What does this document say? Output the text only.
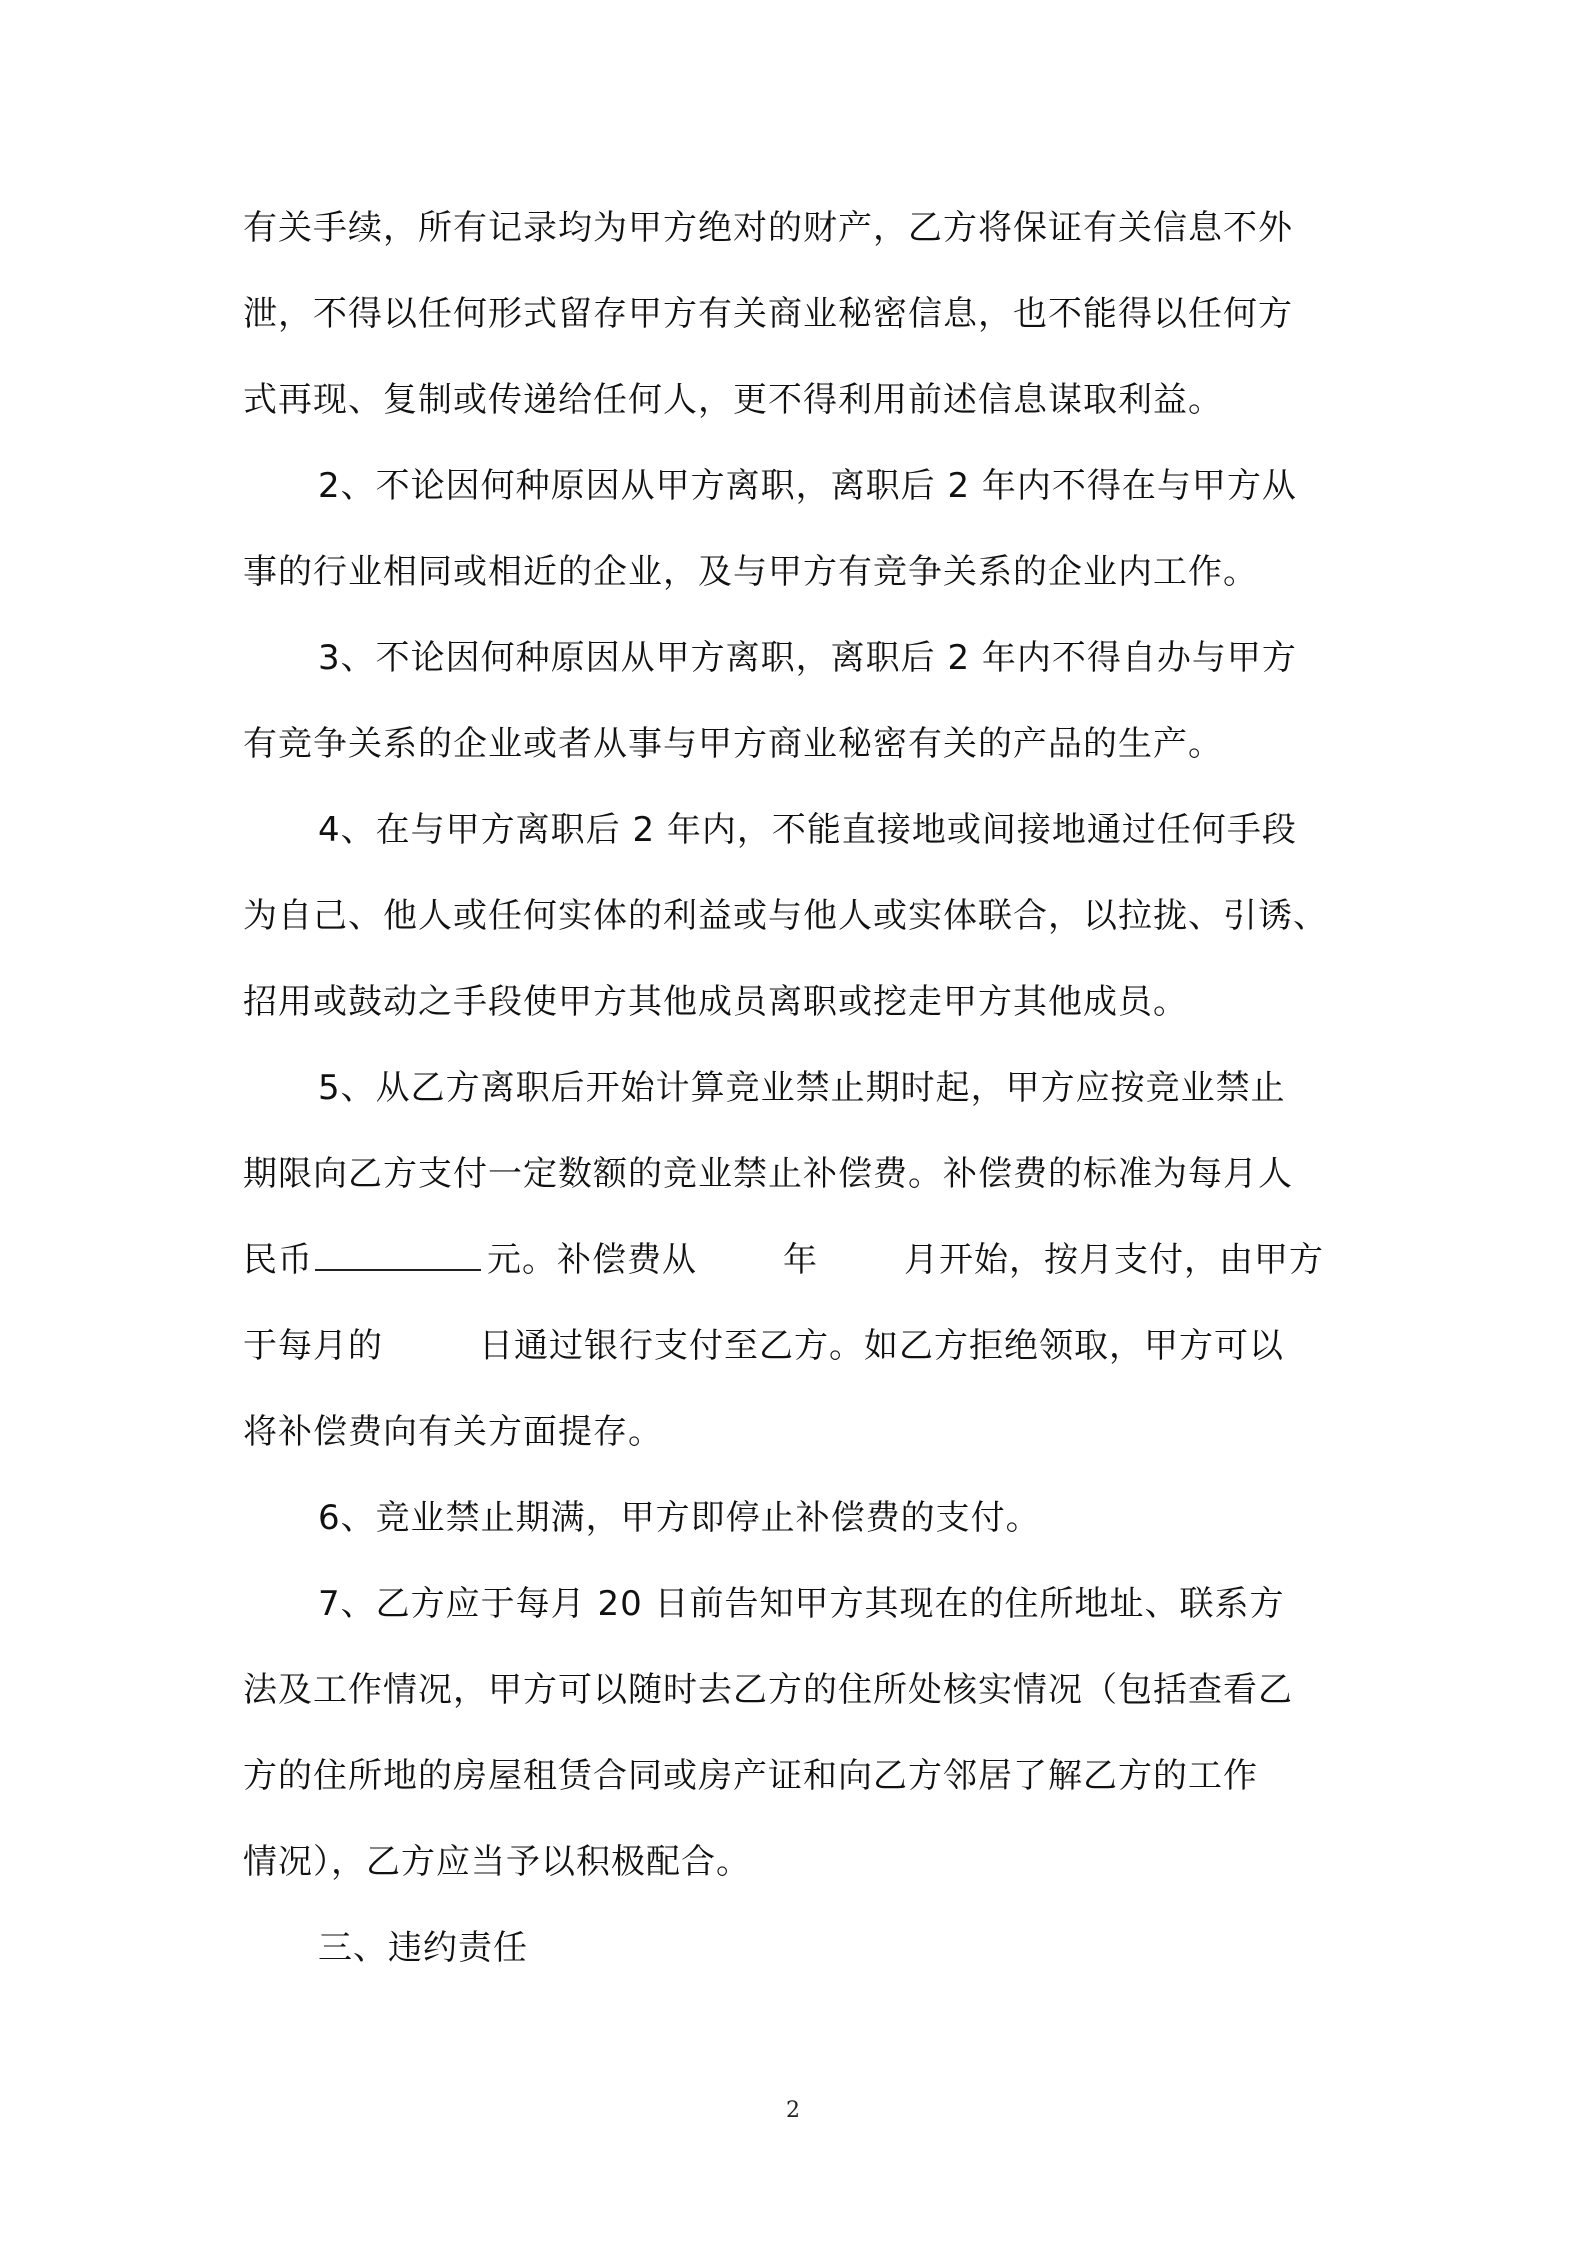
有关手续，所有记录均为甲方绝对的财产，乙方将保证有关信息不外
泄，不得以任何形式留存甲方有关商业秘密信息，也不能得以任何方
式再现、复制或传递给任何人，更不得利用前述信息谋取利益。
2、不论因何种原因从甲方离职，离职后 2 年内不得在与甲方从
事的行业相同或相近的企业，及与甲方有竞争关系的企业内工作。
3、不论因何种原因从甲方离职，离职后 2 年内不得自办与甲方
有竞争关系的企业或者从事与甲方商业秘密有关的产品的生产。
4、在与甲方离职后 2 年内，不能直接地或间接地通过任何手段
为自己、他人或任何实体的利益或与他人或实体联合，以拉拢、引诱、
招用或鼓动之手段使甲方其他成员离职或挖走甲方其他成员。
5、从乙方离职后开始计算竞业禁止期时起，甲方应按竞业禁止
期限向乙方支付一定数额的竞业禁止补偿费。补偿费的标准为每月人
民币	元。补偿费从	年	月开始，按月支付，由甲方
于每月的	日通过银行支付至乙方。如乙方拒绝领取，甲方可以
将补偿费向有关方面提存。
6、竞业禁止期满，甲方即停止补偿费的支付。
7、乙方应于每月 20 日前告知甲方其现在的住所地址、联系方
法及工作情况，甲方可以随时去乙方的住所处核实情况（包括查看乙
方的住所地的房屋租赁合同或房产证和向乙方邻居了解乙方的工作
情况），乙方应当予以积极配合。
三、违约责任
2
